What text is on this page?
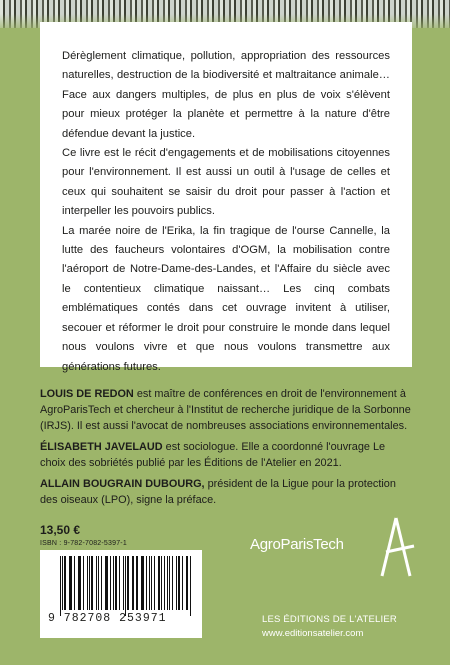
Dérèglement climatique, pollution, appropriation des ressources naturelles, destruction de la biodiversité et maltraitance animale… Face aux dangers multiples, de plus en plus de voix s'élèvent pour mieux protéger la planète et permettre à la nature d'être défendue devant la justice.

Ce livre est le récit d'engagements et de mobilisations citoyennes pour l'environnement. Il est aussi un outil à l'usage de celles et ceux qui souhaitent se saisir du droit pour passer à l'action et interpeller les pouvoirs publics.

La marée noire de l'Erika, la fin tragique de l'ourse Cannelle, la lutte des faucheurs volontaires d'OGM, la mobilisation contre l'aéroport de Notre-Dame-des-Landes, et l'Affaire du siècle avec le contentieux climatique naissant… Les cinq combats emblématiques contés dans cet ouvrage invitent à utiliser, secouer et réformer le droit pour construire le monde dans lequel nous voulons vivre et que nous voulons transmettre aux générations futures.

LOUIS DE REDON est maître de conférences en droit de l'environnement à AgroParisTech et chercheur à l'Institut de recherche juridique de la Sorbonne (IRJS). Il est aussi l'avocat de nombreuses associations environnementales.

ÉLISABETH JAVELAUD est sociologue. Elle a coordonné l'ouvrage Le choix des sobriétés publié par les Éditions de l'Atelier en 2021.

ALLAIN BOUGRAIN DUBOURG, président de la Ligue pour la protection des oiseaux (LPO), signe la préface.

13,50 €
ISBN : 9-782-7082-5397-1
9 782708 253971
AgroParisTech
LES ÉDITIONS DE L'ATELIER
www.editionsatelier.com
